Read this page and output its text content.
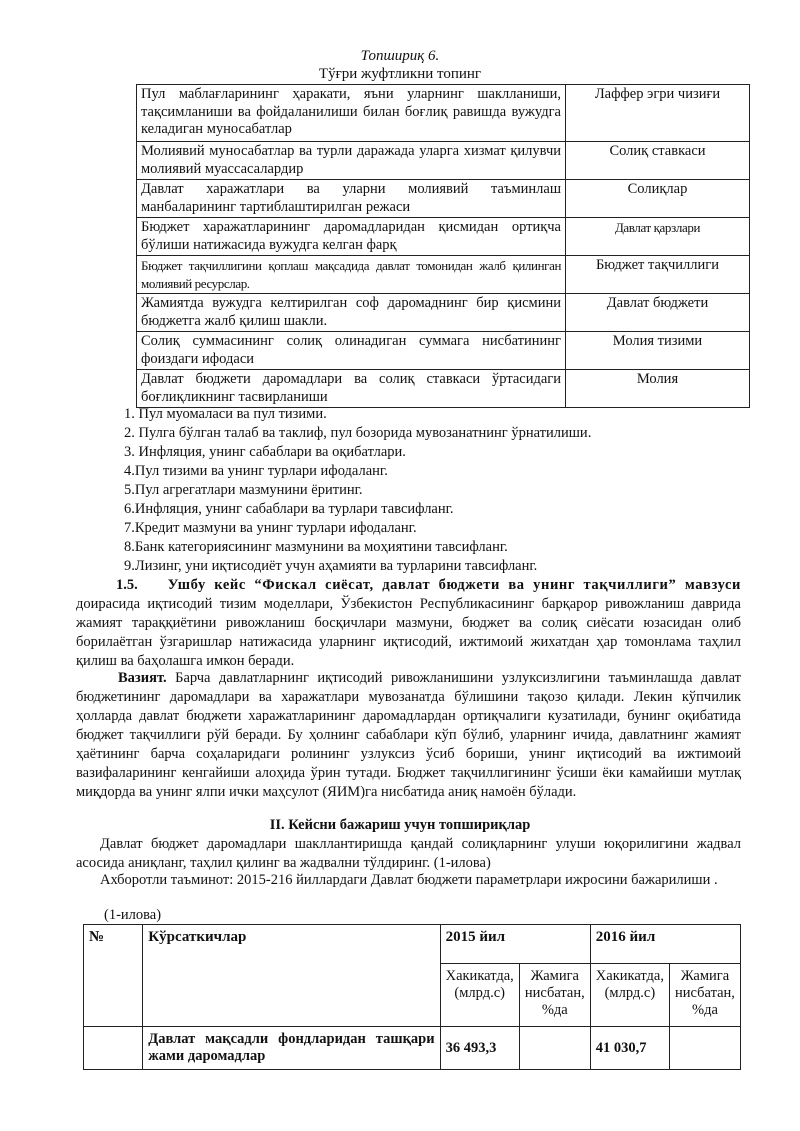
Топшириқ 6.
Тўғри жуфтликни топинг
Пул маблағларининг ҳаракати, яъни уларнинг шаклланиши, тақсимланиши ва фойдаланилиши билан боғлиқ равишда вужудга келадиган муносабатлар	Лаффер эгри чизиғи
Молиявий муносабатлар ва турли даражада уларга хизмат қилувчи молиявий муассасалардир	Солиқ ставкаси
Давлат харажатлари ва уларни молиявий таъминлаш манбаларининг тартиблаштирилган режаси	Солиқлар
Бюджет харажатларининг даромадларидан қисмидан ортиқча бўлиши натижасида вужудга келган фарқ	Давлат қарзлари
Бюджет тақчиллигини қоплаш мақсадида давлат томонидан жалб қилинган молиявий ресурслар.	Бюджет тақчиллиги
Жамиятда вужудга келтирилган соф даромаднинг бир қисмини бюджетга жалб қилиш шакли.	Давлат бюджети
Солиқ суммасининг солиқ олинадиган суммага нисбатининг фоиздаги ифодаси	Молия тизими
Давлат бюджети даромадлари ва солиқ ставкаси ўртасидаги боғлиқликнинг тасвирланиши	Молия
1. Пул муомаласи ва пул тизими.
2. Пулга бўлган талаб ва таклиф, пул бозорида мувозанатнинг ўрнатилиши.
3. Инфляция, унинг сабаблари ва оқибатлари.
4.Пул тизими ва унинг турлари ифодаланг.
5.Пул агрегатлари мазмунини ёритинг.
6.Инфляция, унинг сабаблари ва турлари тавсифланг.
7.Кредит мазмуни ва унинг турлари ифодаланг.
8.Банк категориясининг мазмунини ва моҳиятини тавсифланг.
9.Лизинг, уни иқтисодиёт учун аҳамияти ва турларини тавсифланг.
1.5. Ушбу кейс “Фискал сиёсат, давлат бюджети ва унинг тақчиллиги” мавзуси доирасида иқтисодий тизим моделлари, Ўзбекистон Республикасининг барқарор ривожланиш даврида жамият тараққиётини ривожланиш босқичлари мазмуни, бюджет ва солиқ сиёсати юзасидан олиб борилаётган ўзгаришлар натижасида уларнинг иқтисодий, ижтимоий жихатдан ҳар томонлама таҳлил қилиш ва баҳолашга имкон беради.
Вазият. Барча давлатларнинг иқтисодий ривожланишини узлуксизлигини таъминлашда давлат бюджетининг даромадлари ва харажатлари мувозанатда бўлишини тақозо қилади. Лекин кўпчилик ҳолларда давлат бюджети харажатларининг даромадлардан ортиқчалиги кузатилади, бунинг оқибатида бюджет тақчиллиги рўй беради. Бу ҳолнинг сабаблари кўп бўлиб, уларнинг ичида, давлатнинг жамият ҳаётининг барча соҳаларидаги ролининг узлуксиз ўсиб бориши, унинг иқтисодий ва ижтимоий вазифаларининг кенгайиши алоҳида ўрин тутади. Бюджет тақчиллигининг ўсиши ёки камайиши мутлақ миқдорда ва унинг ялпи ички маҳсулот (ЯИМ)га нисбатида аниқ намоён бўлади.
II. Кейсни бажариш учун топшириқлар
Давлат бюджет даромадлари шакллантиришда қандай солиқларнинг улуши юқорилигини жадвал асосида аниқланг, таҳлил қилинг ва жадвални тўлдиринг. (1-илова)
Ахборотли таъминот: 2015-216 йиллардаги Давлат бюджети параметрлари ижросини бажарилиши .
(1-илова)
№	Кўрсаткичлар	2015 йил		2016 йил	
		Хакикатда, (млрд.с)	Жамига нисбатан, %да	Хакикатда, (млрд.с)	Жамига нисбатан, %да
	Давлат мақсадли фондларидан ташқари жами даромадлар	36 493,3		41 030,7	
